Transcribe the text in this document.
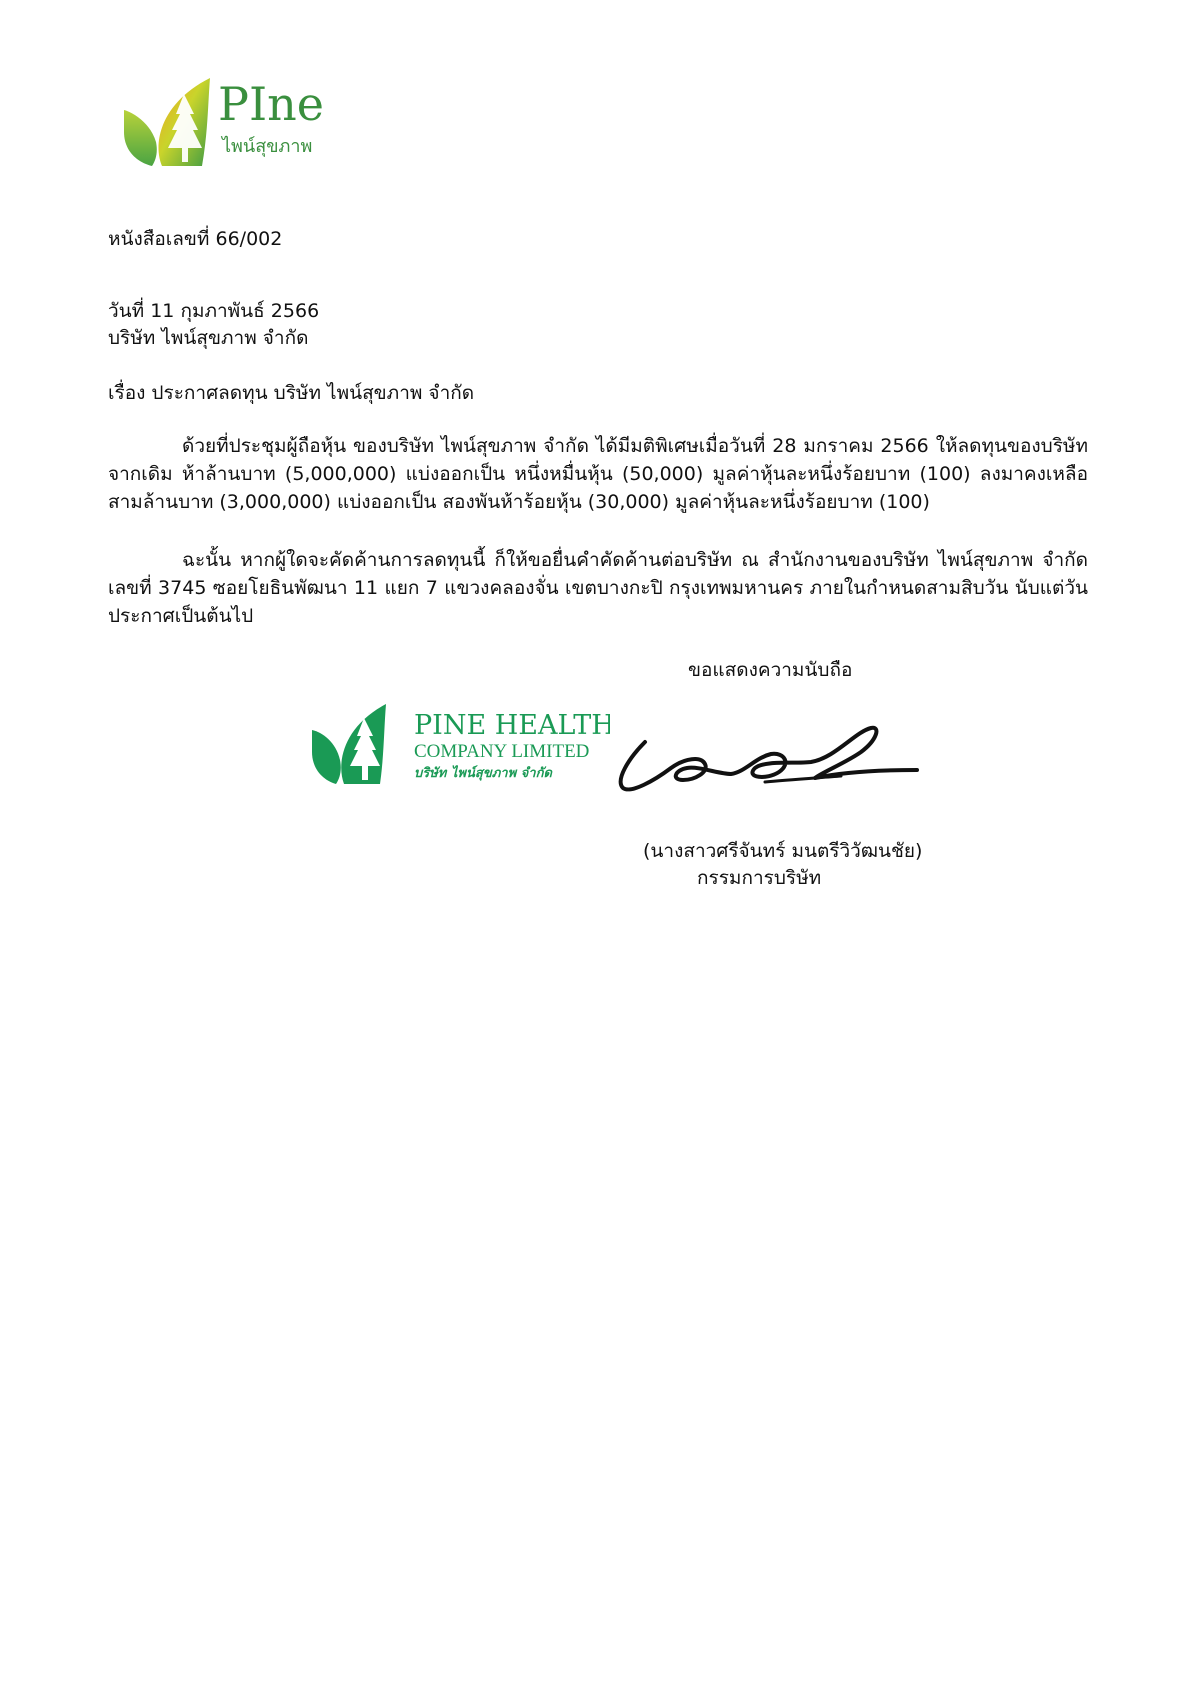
PIne
ไพน์สุขภาพ
หนังสือเลขที่ 66/002
วันที่ 11 กุมภาพันธ์ 2566
บริษัท ไพน์สุขภาพ จำกัด
เรื่อง ประกาศลดทุน บริษัท ไพน์สุขภาพ จำกัด
ด้วยที่ประชุมผู้ถือหุ้น ของบริษัท ไพน์สุขภาพ จำกัด ได้มีมติพิเศษเมื่อวันที่ 28 มกราคม 2566 ให้ลดทุนของบริษัท จากเดิม ห้าล้านบาท (5,000,000) แบ่งออกเป็น หนึ่งหมื่นหุ้น (50,000) มูลค่าหุ้นละหนึ่งร้อยบาท (100) ลงมาคงเหลือ สามล้านบาท (3,000,000) แบ่งออกเป็น สองพันห้าร้อยหุ้น (30,000) มูลค่าหุ้นละหนึ่งร้อยบาท (100)
ฉะนั้น หากผู้ใดจะคัดค้านการลดทุนนี้ ก็ให้ขอยื่นคำคัดค้านต่อบริษัท ณ สำนักงานของบริษัท ไพน์สุขภาพ จำกัด เลขที่ 3745 ซอยโยธินพัฒนา 11 แยก 7 แขวงคลองจั่น เขตบางกะปิ กรุงเทพมหานคร ภายในกำหนดสามสิบวัน นับแต่วันประกาศเป็นต้นไป
ขอแสดงความนับถือ
PINE HEALTH
COMPANY LIMITED
บริษัท ไพน์สุขภาพ จำกัด
(นางสาวศรีจันทร์ มนตรีวิวัฒนชัย)
กรรมการบริษัท
